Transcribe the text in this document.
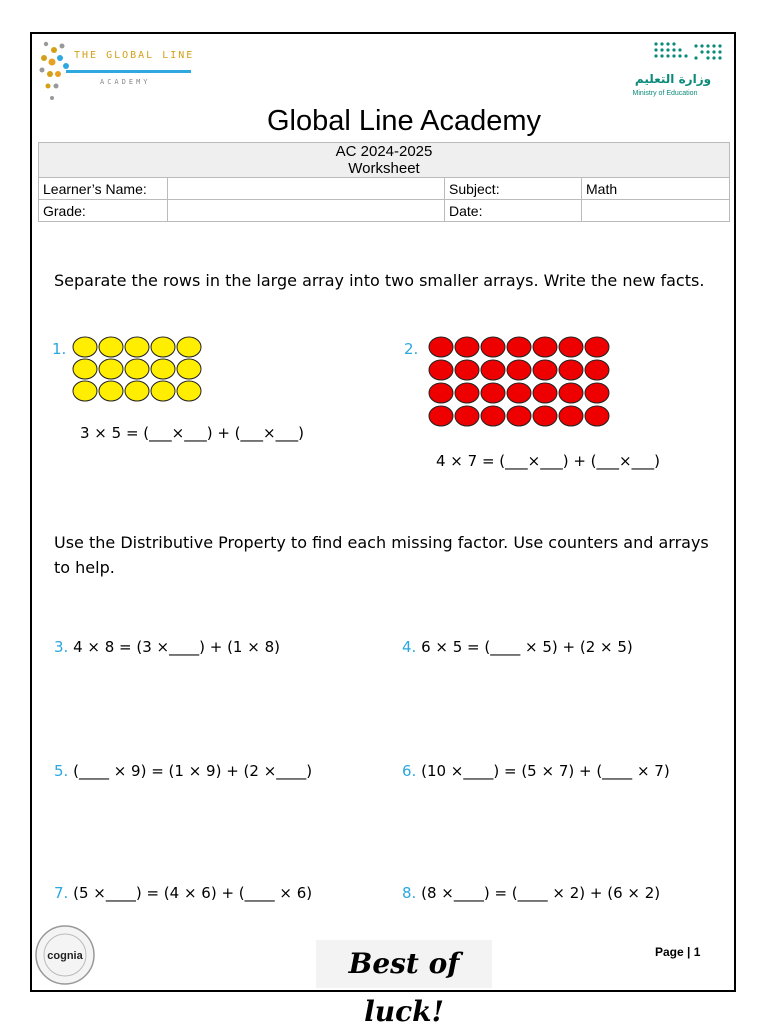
THE GLOBAL LINE
ACADEMY	وزارة التعليم
Ministry of Education
Global Line Academy
AC 2024-2025
Worksheet			

Learner’s Name:		Subject:	Math
Grade:		Date:	
Separate the rows in the large array into two smaller arrays. Write the new facts.
1.
3 × 5 = (___×___) + (___×___)
2.
4 × 7 = (___×___) + (___×___)
Use the Distributive Property to find each missing factor. Use counters and arrays to help.
3. 4 × 8 = (3 ×____) + (1 × 8)	4. 6 × 5 = (____ × 5) + (2 × 5)
5. (____ × 9) = (1 × 9) + (2 ×____)	6. (10 ×____) = (5 × 7) + (____ × 7)
7. (5 ×____) = (4 × 6) + (____ × 6)	8. (8 ×____) = (____ × 2) + (6 × 2)
cognia	Best of luck!
Page | 1
